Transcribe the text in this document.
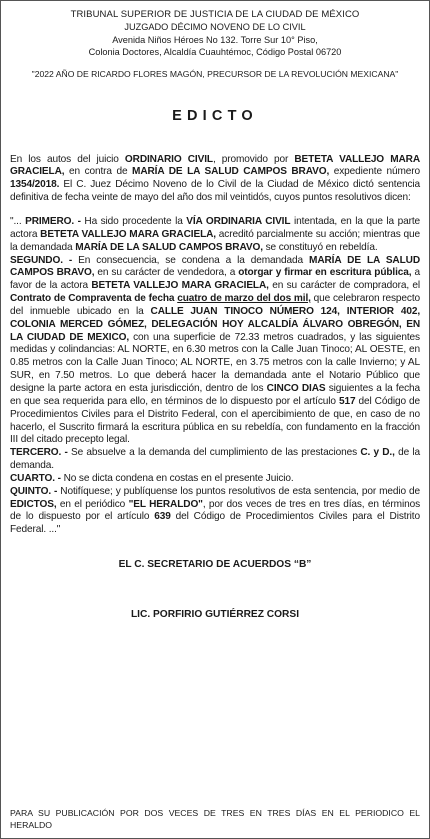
TRIBUNAL SUPERIOR DE JUSTICIA DE LA CIUDAD DE MÉXICO
JUZGADO DÉCIMO NOVENO DE LO CIVIL
Avenida Niños Héroes No 132. Torre Sur 10° Piso,
Colonia Doctores, Alcaldía Cuauhtémoc, Código Postal 06720
"2022 AÑO DE RICARDO FLORES MAGÓN, PRECURSOR DE LA REVOLUCIÓN MEXICANA"
EDICTO

En los autos del juicio ORDINARIO CIVIL, promovido por BETETA VALLEJO MARA GRACIELA, en contra de MARÍA DE LA SALUD CAMPOS BRAVO, expediente número 1354/2018. El C. Juez Décimo Noveno de lo Civil de la Ciudad de México dictó sentencia definitiva de fecha veinte de mayo del año dos mil veintidós, cuyos puntos resolutivos dicen:

"... PRIMERO. - Ha sido procedente la VÍA ORDINARIA CIVIL intentada, en la que la parte actora BETETA VALLEJO MARA GRACIELA, acreditó parcialmente su acción; mientras que la demandada MARÍA DE LA SALUD CAMPOS BRAVO, se constituyó en rebeldía.

SEGUNDO. - En consecuencia, se condena a la demandada MARÍA DE LA SALUD CAMPOS BRAVO, en su carácter de vendedora, a otorgar y firmar en escritura pública, a favor de la actora BETETA VALLEJO MARA GRACIELA, en su carácter de compradora, el Contrato de Compraventa de fecha cuatro de marzo del dos mil, que celebraron respecto del inmueble ubicado en la CALLE JUAN TINOCO NÚMERO 124, INTERIOR 402, COLONIA MERCED GÓMEZ, DELEGACIÓN HOY ALCALDÍA ÁLVARO OBREGÓN, EN LA CIUDAD DE MEXICO, con una superficie de 72.33 metros cuadrados, y las siguientes medidas y colindancias: AL NORTE, en 6.30 metros con la Calle Juan Tinoco; AL OESTE, en 0.85 metros con la Calle Juan Tinoco; AL NORTE, en 3.75 metros con la calle Invierno; y AL SUR, en 7.50 metros. Lo que deberá hacer la demandada ante el Notario Público que designe la parte actora en esta jurisdicción, dentro de los CINCO DIAS siguientes a la fecha en que sea requerida para ello, en términos de lo dispuesto por el artículo 517 del Código de Procedimientos Civiles para el Distrito Federal, con el apercibimiento de que, en caso de no hacerlo, el Suscrito firmará la escritura pública en su rebeldía, con fundamento en la fracción III del citado precepto legal.

TERCERO. - Se absuelve a la demanda del cumplimiento de las prestaciones C. y D., de la demanda.

CUARTO. - No se dicta condena en costas en el presente Juicio.

QUINTO. - Notifíquese; y publíquense los puntos resolutivos de esta sentencia, por medio de EDICTOS, en el periódico "EL HERALDO", por dos veces de tres en tres días, en términos de lo dispuesto por el artículo 639 del Código de Procedimientos Civiles para el Distrito Federal. ..."

EL C. SECRETARIO DE ACUERDOS “B”
LIC. PORFIRIO GUTIÉRREZ CORSI
PARA SU PUBLICACIÓN POR DOS VECES DE TRES EN TRES DÍAS EN EL PERIODICO EL HERALDO
